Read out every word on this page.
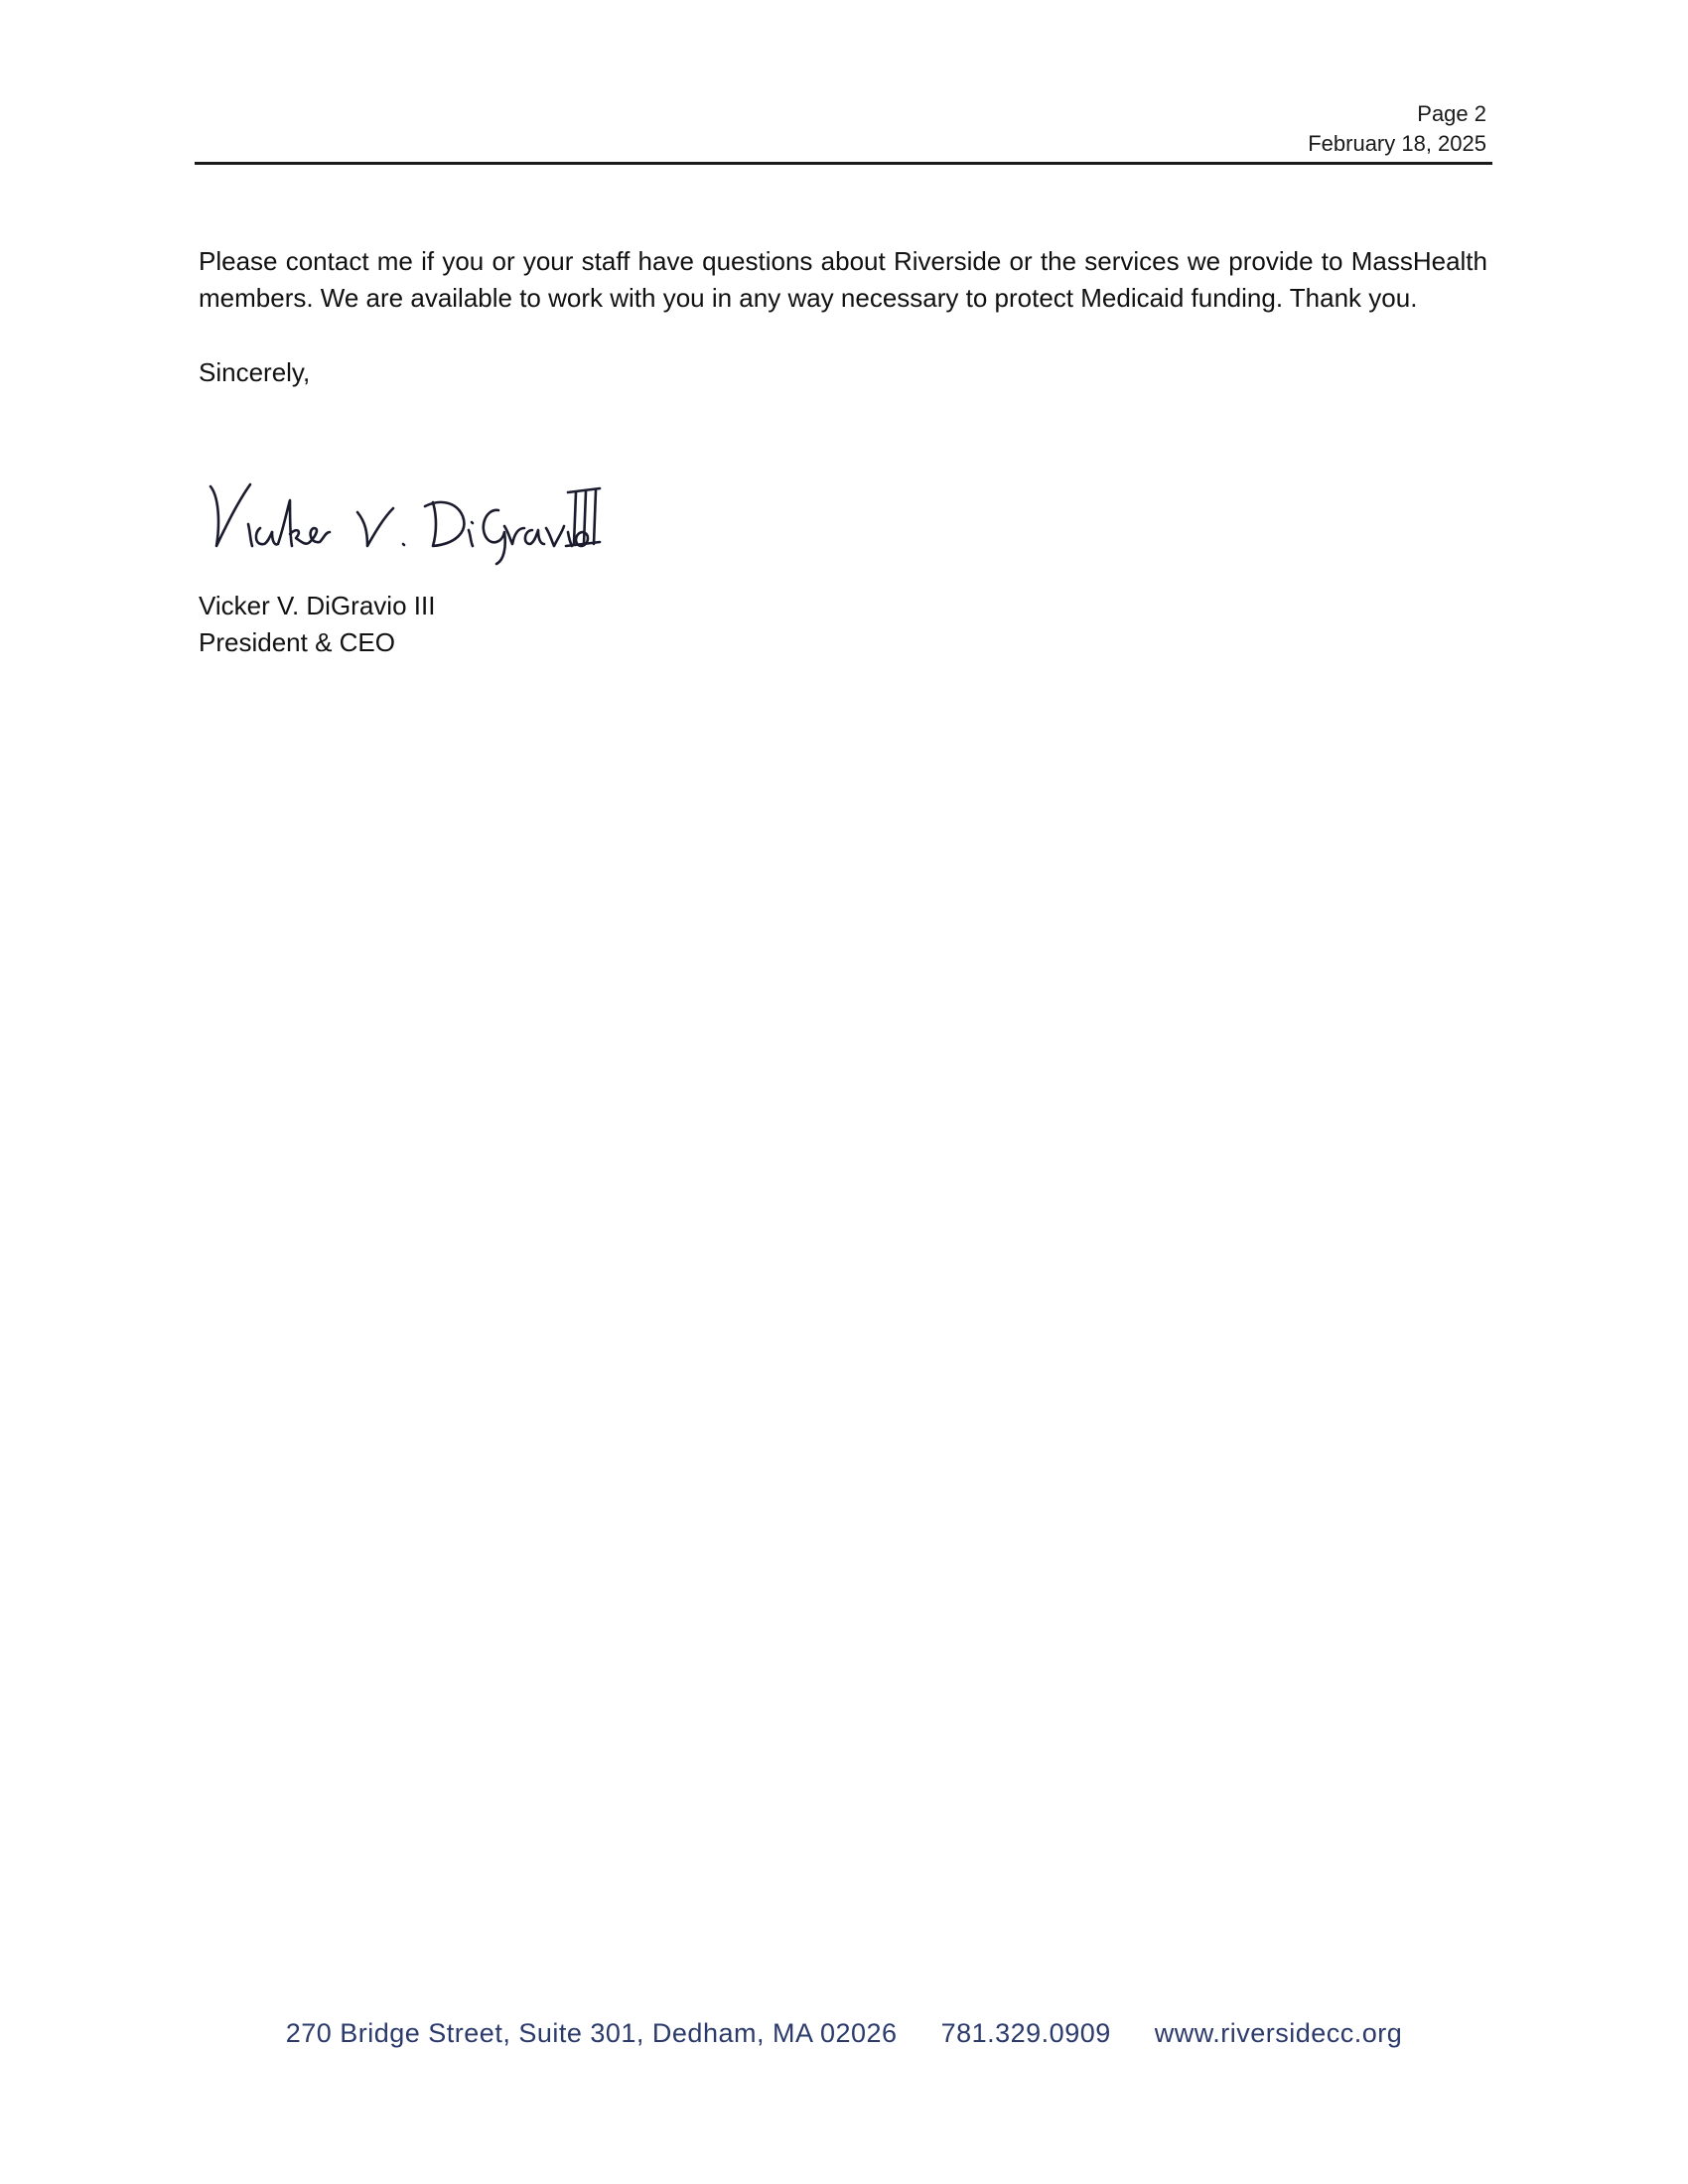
Page 2
February 18, 2025

Please contact me if you or your staff have questions about Riverside or the services we provide to MassHealth members. We are available to work with you in any way necessary to protect Medicaid funding. Thank you.

Sincerely,

Vicker V. DiGravio III
President & CEO
270 Bridge Street, Suite 301, Dedham, MA 02026 781.329.0909 www.riversidecc.org
